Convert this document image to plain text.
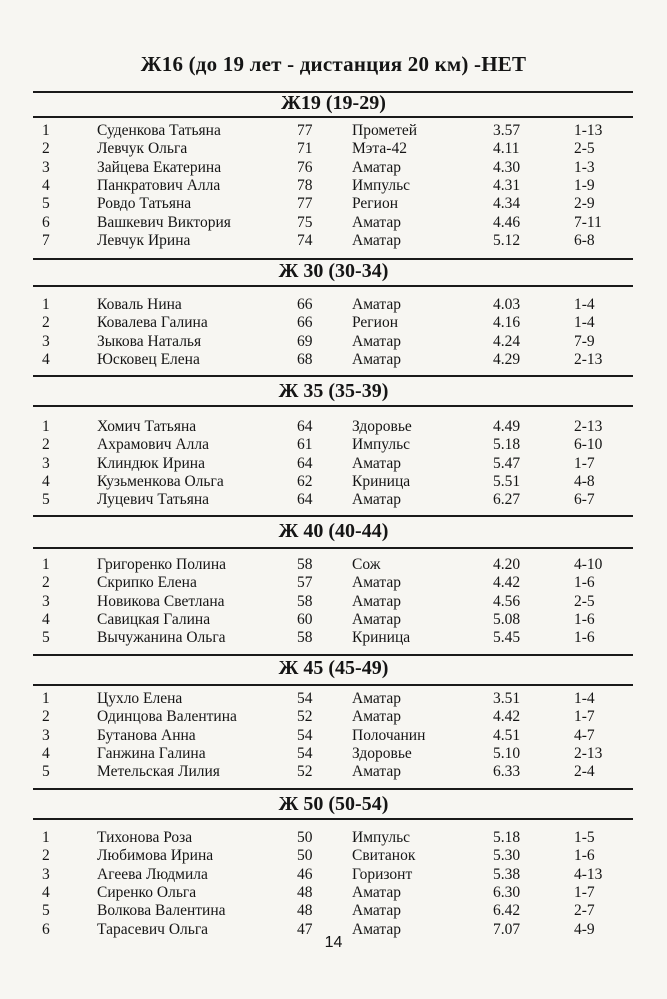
Ж16 (до 19 лет - дистанция 20 км) -НЕТ
Ж19 (19-29)
1	Суденкова Татьяна	77	Прометей	3.57	1-13
2	Левчук Ольга	71	Мэта-42	4.11	2-5
3	Зайцева Екатерина	76	Аматар	4.30	1-3
4	Панкратович Алла	78	Импульс	4.31	1-9
5	Ровдо Татьяна	77	Регион	4.34	2-9
6	Вашкевич Виктория	75	Аматар	4.46	7-11
7	Левчук Ирина	74	Аматар	5.12	6-8
Ж 30 (30-34)
1	Коваль Нина	66	Аматар	4.03	1-4
2	Ковалева Галина	66	Регион	4.16	1-4
3	Зыкова Наталья	69	Аматар	4.24	7-9
4	Юсковец Елена	68	Аматар	4.29	2-13
Ж 35 (35-39)
1	Хомич Татьяна	64	Здоровье	4.49	2-13
2	Ахрамович Алла	61	Импульс	5.18	6-10
3	Клиндюк Ирина	64	Аматар	5.47	1-7
4	Кузьменкова Ольга	62	Криница	5.51	4-8
5	Луцевич Татьяна	64	Аматар	6.27	6-7
Ж 40 (40-44)
1	Григоренко Полина	58	Сож	4.20	4-10
2	Скрипко Елена	57	Аматар	4.42	1-6
3	Новикова Светлана	58	Аматар	4.56	2-5
4	Савицкая Галина	60	Аматар	5.08	1-6
5	Вычужанина Ольга	58	Криница	5.45	1-6
Ж 45 (45-49)
1	Цухло Елена	54	Аматар	3.51	1-4
2	Одинцова Валентина	52	Аматар	4.42	1-7
3	Бутанова Анна	54	Полочанин	4.51	4-7
4	Ганжина Галина	54	Здоровье	5.10	2-13
5	Метельская Лилия	52	Аматар	6.33	2-4
Ж 50 (50-54)
1	Тихонова Роза	50	Импульс	5.18	1-5
2	Любимова Ирина	50	Свитанок	5.30	1-6
3	Агеева Людмила	46	Горизонт	5.38	4-13
4	Сиренко Ольга	48	Аматар	6.30	1-7
5	Волкова Валентина	48	Аматар	6.42	2-7
6	Тарасевич Ольга	47	Аматар	7.07	4-9
14
